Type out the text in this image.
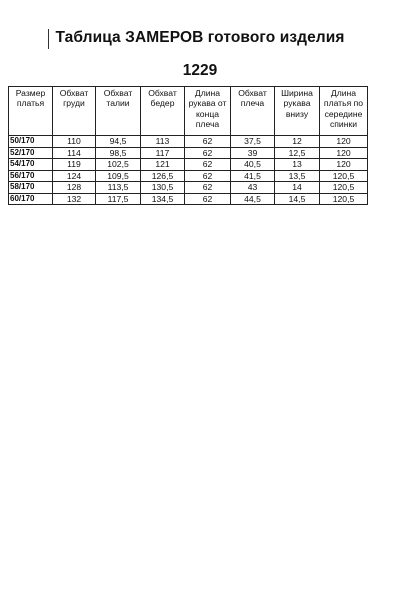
Таблица ЗАМЕРОВ готового изделия
1229
Размер платья	Обхват груди	Обхват талии	Обхват бедер	Длина рукава от конца плеча	Обхват плеча	Ширина рукава внизу	Длина платья по середине спинки
50/170	110	94,5	113	62	37,5	12	120
52/170	114	98,5	117	62	39	12,5	120
54/170	119	102,5	121	62	40,5	13	120
56/170	124	109,5	126,5	62	41,5	13,5	120,5
58/170	128	113,5	130,5	62	43	14	120,5
60/170	132	117,5	134,5	62	44,5	14,5	120,5
